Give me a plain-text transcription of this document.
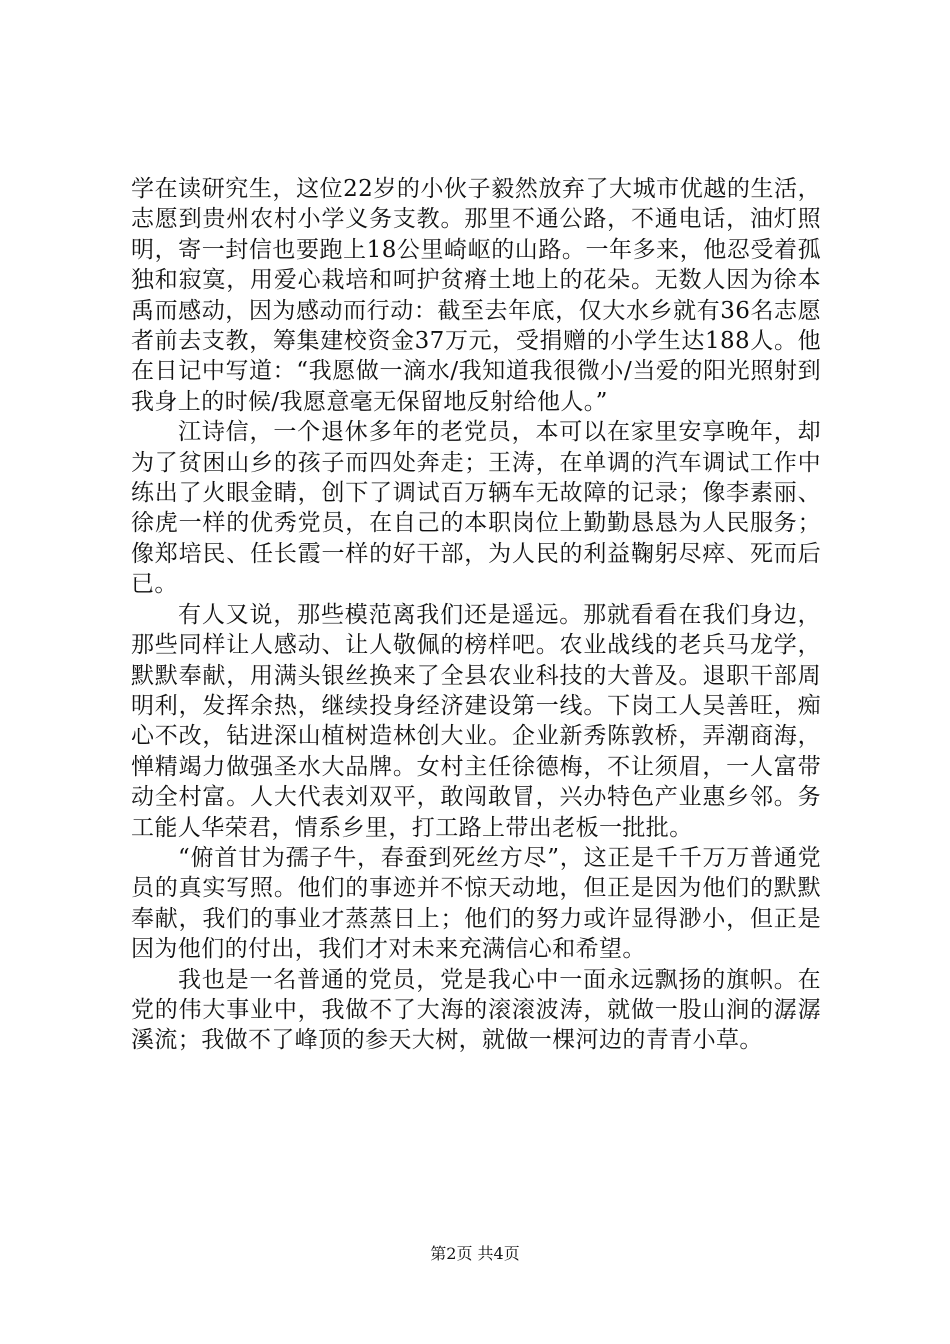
学在读研究生，这位22岁的小伙子毅然放弃了大城市优越的生活，志愿到贵州农村小学义务支教。那里不通公路，不通电话，油灯照明，寄一封信也要跑上18公里崎岖的山路。一年多来，他忍受着孤独和寂寞，用爱心栽培和呵护贫瘠土地上的花朵。无数人因为徐本禹而感动，因为感动而行动：截至去年底，仅大水乡就有36名志愿者前去支教，筹集建校资金37万元，受捐赠的小学生达188人。他在日记中写道：“我愿做一滴水/我知道我很微小/当爱的阳光照射到我身上的时候/我愿意毫无保留地反射给他人。”

江诗信，一个退休多年的老党员，本可以在家里安享晚年，却为了贫困山乡的孩子而四处奔走；王涛，在单调的汽车调试工作中练出了火眼金睛，创下了调试百万辆车无故障的记录；像李素丽、徐虎一样的优秀党员，在自己的本职岗位上勤勤恳恳为人民服务；像郑培民、任长霞一样的好干部，为人民的利益鞠躬尽瘁、死而后已。

有人又说，那些模范离我们还是遥远。那就看看在我们身边，那些同样让人感动、让人敬佩的榜样吧。农业战线的老兵马龙学，默默奉献，用满头银丝换来了全县农业科技的大普及。退职干部周明利，发挥余热，继续投身经济建设第一线。下岗工人吴善旺，痴心不改，钻进深山植树造林创大业。企业新秀陈敦桥，弄潮商海，惮精竭力做强圣水大品牌。女村主任徐德梅，不让须眉，一人富带动全村富。人大代表刘双平，敢闯敢冒，兴办特色产业惠乡邻。务工能人华荣君，情系乡里，打工路上带出老板一批批。

“俯首甘为孺子牛，春蚕到死丝方尽”，这正是千千万万普通党员的真实写照。他们的事迹并不惊天动地，但正是因为他们的默默奉献，我们的事业才蒸蒸日上；他们的努力或许显得渺小，但正是因为他们的付出，我们才对未来充满信心和希望。

我也是一名普通的党员，党是我心中一面永远飘扬的旗帜。在党的伟大事业中，我做不了大海的滚滚波涛，就做一股山涧的潺潺溪流；我做不了峰顶的参天大树，就做一棵河边的青青小草。

第2页 共4页
